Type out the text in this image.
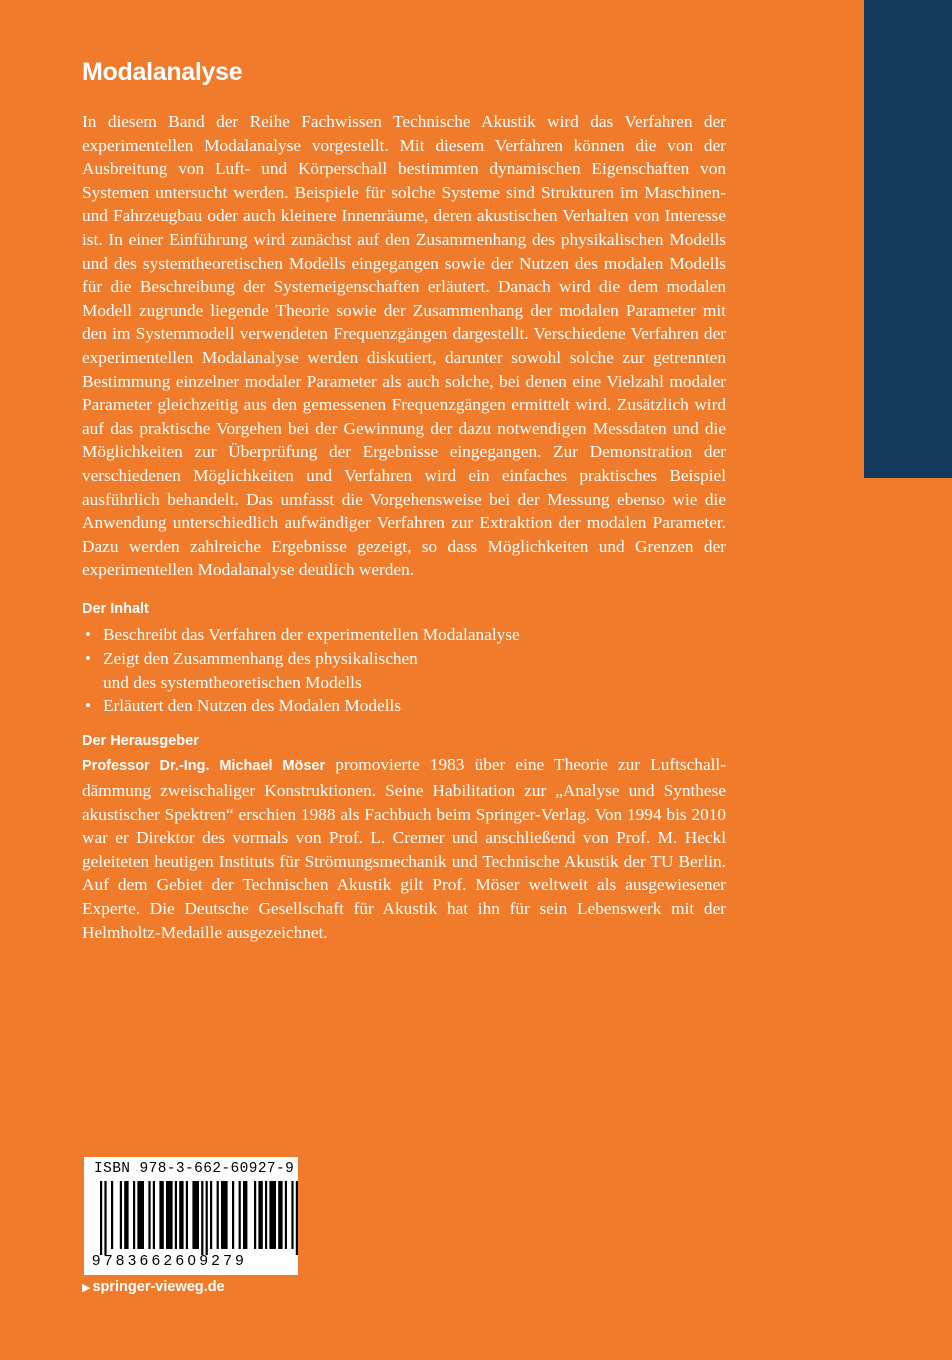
Modalanalyse

In diesem Band der Reihe Fachwissen Technische Akustik wird das Verfahren der experimentellen Modalanalyse vorgestellt. Mit diesem Verfahren können die von der Ausbreitung von Luft- und Körperschall bestimmten dynamischen Eigenschaften von Systemen untersucht werden. Beispiele für solche Systeme sind Strukturen im Maschinen- und Fahrzeugbau oder auch kleinere Innenräume, deren akustischen Verhalten von Interesse ist. In einer Einführung wird zunächst auf den Zusammenhang des physikalischen Modells und des systemtheoretischen Modells eingegangen sowie der Nutzen des modalen Modells für die Beschreibung der Systemeigenschaften erläutert. Danach wird die dem modalen Modell zugrunde liegende Theorie sowie der Zusammenhang der modalen Parameter mit den im Systemmodell verwendeten Frequenzgängen dargestellt. Verschiedene Verfahren der experimentellen Modalanalyse werden diskutiert, darunter sowohl solche zur getrennten Bestimmung einzelner modaler Parameter als auch solche, bei denen eine Vielzahl modaler Parameter gleichzeitig aus den gemessenen Frequenzgängen ermittelt wird. Zusätzlich wird auf das praktische Vorgehen bei der Gewinnung der dazu notwendigen Messdaten und die Möglichkeiten zur Überprüfung der Ergebnisse eingegangen. Zur Demonstration der verschiedenen Möglichkeiten und Verfahren wird ein einfaches praktisches Beispiel ausführlich behandelt. Das umfasst die Vorgehensweise bei der Messung ebenso wie die Anwendung unterschiedlich aufwändiger Verfahren zur Extraktion der modalen Parameter. Dazu werden zahlreiche Ergebnisse gezeigt, so dass Möglichkeiten und Grenzen der experimentellen Modalanalyse deutlich werden.

Der Inhalt
• Beschreibt das Verfahren der experimentellen Modalanalyse
• Zeigt den Zusammenhang des physikalischen
und des systemtheoretischen Modells
• Erläutert den Nutzen des Modalen Modells
Der Herausgeber

Professor Dr.-Ing. Michael Möser promovierte 1983 über eine Theorie zur Luftschalldämmung zweischaliger Konstruktionen. Seine Habilitation zur „Analyse und Synthese akustischer Spektren“ erschien 1988 als Fachbuch beim Springer-Verlag. Von 1994 bis 2010 war er Direktor des vormals von Prof. L. Cremer und anschließend von Prof. M. Heckl geleiteten heutigen Instituts für Strömungsmechanik und Technische Akustik der TU Berlin. Auf dem Gebiet der Technischen Akustik gilt Prof. Möser weltweit als ausgewiesener Experte. Die Deutsche Gesellschaft für Akustik hat ihn für sein Lebenswerk mit der Helmholtz-Medaille ausgezeichnet.

ISBN 978-3-662-60927-9
9783662609279
▶ springer-vieweg.de
